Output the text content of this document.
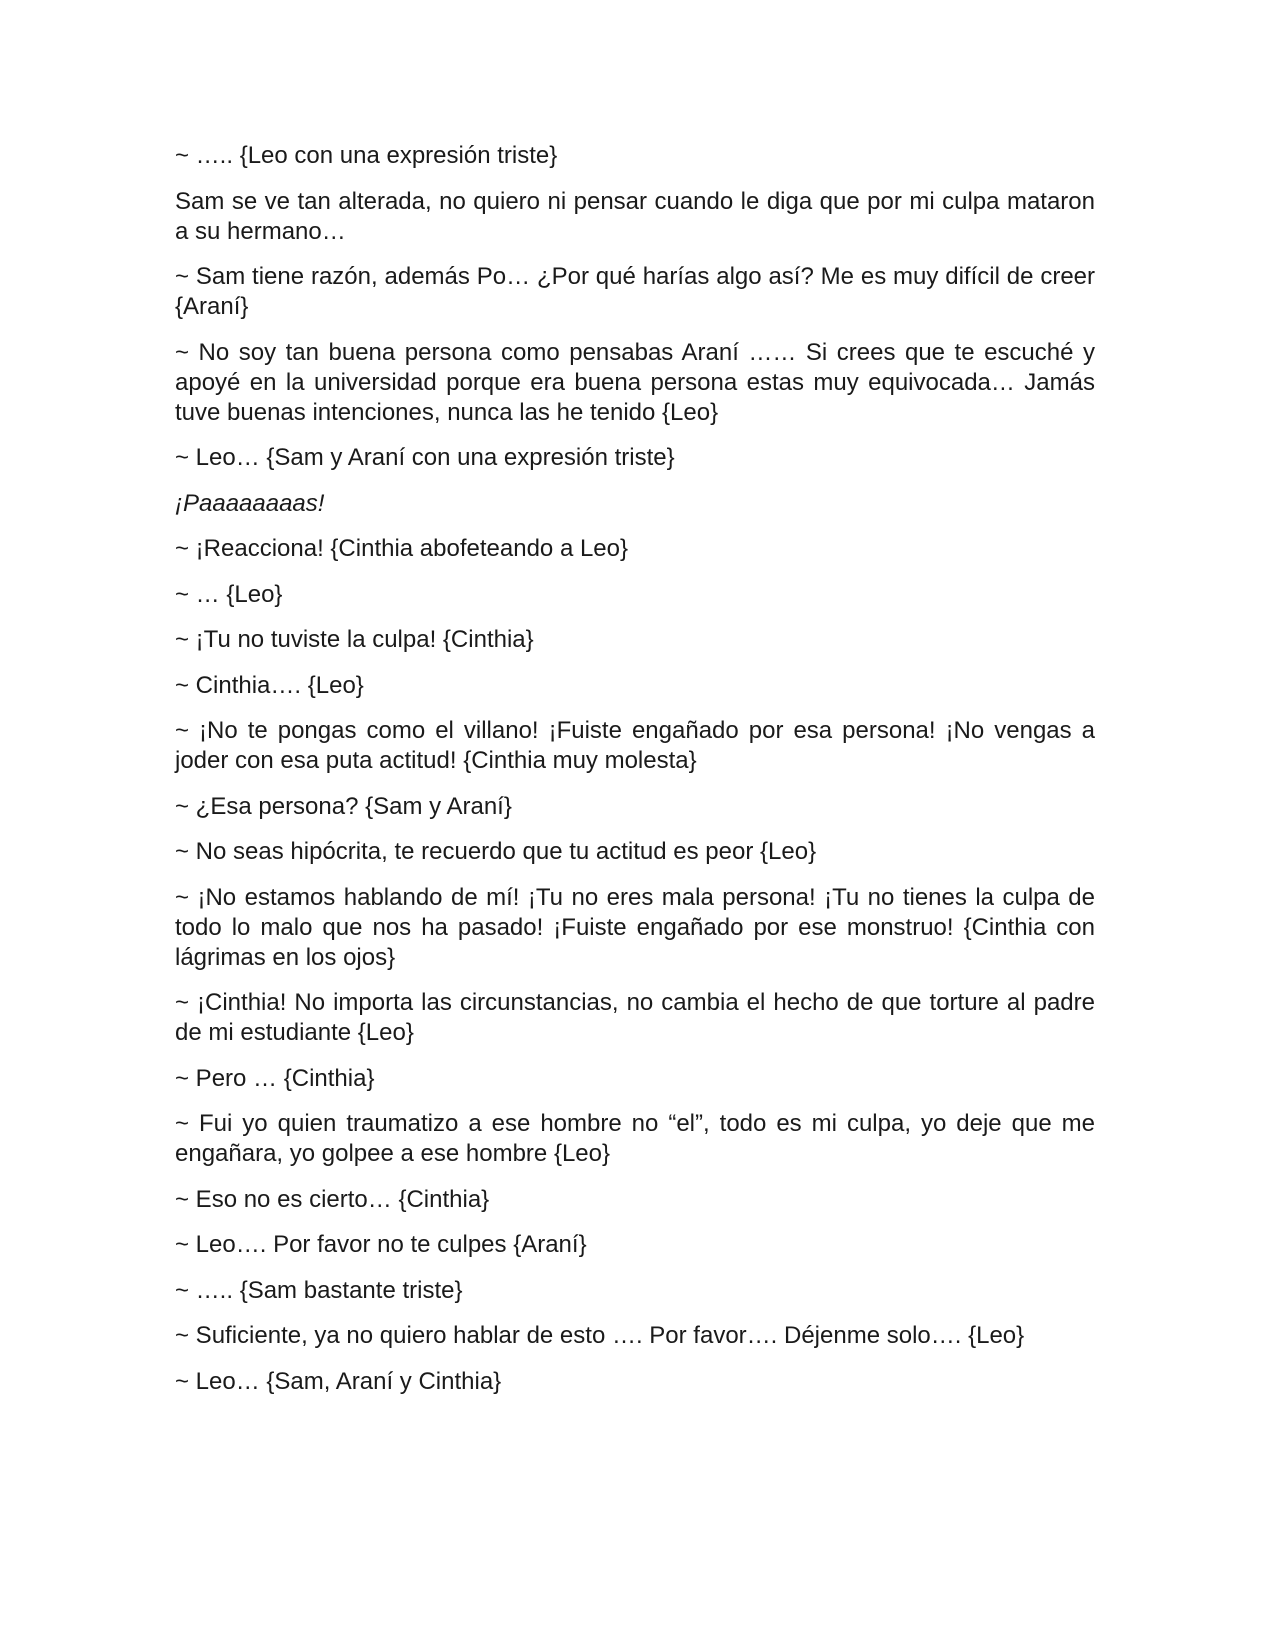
~ ….. {Leo con una expresión triste}

Sam se ve tan alterada, no quiero ni pensar cuando le diga que por mi culpa mataron a su hermano…

~ Sam tiene razón, además Po… ¿Por qué harías algo así? Me es muy difícil de creer {Araní}

~ No soy tan buena persona como pensabas Araní …… Si crees que te escuché y apoyé en la universidad porque era buena persona estas muy equivocada… Jamás tuve buenas intenciones, nunca las he tenido {Leo}

~ Leo… {Sam y Araní con una expresión triste}

¡Paaaaaaaas!

~ ¡Reacciona! {Cinthia abofeteando a Leo}

~ … {Leo}

~ ¡Tu no tuviste la culpa! {Cinthia}

~ Cinthia…. {Leo}

~ ¡No te pongas como el villano! ¡Fuiste engañado por esa persona! ¡No vengas a joder con esa puta actitud! {Cinthia muy molesta}

~ ¿Esa persona? {Sam y Araní}

~ No seas hipócrita, te recuerdo que tu actitud es peor {Leo}

~ ¡No estamos hablando de mí! ¡Tu no eres mala persona! ¡Tu no tienes la culpa de todo lo malo que nos ha pasado! ¡Fuiste engañado por ese monstruo! {Cinthia con lágrimas en los ojos}

~ ¡Cinthia! No importa las circunstancias, no cambia el hecho de que torture al padre de mi estudiante {Leo}

~ Pero … {Cinthia}

~ Fui yo quien traumatizo a ese hombre no “el”, todo es mi culpa, yo deje que me engañara, yo golpee a ese hombre {Leo}

~ Eso no es cierto… {Cinthia}

~ Leo…. Por favor no te culpes {Araní}

~ ….. {Sam bastante triste}

~ Suficiente, ya no quiero hablar de esto …. Por favor…. Déjenme solo…. {Leo}

~ Leo… {Sam, Araní y Cinthia}
